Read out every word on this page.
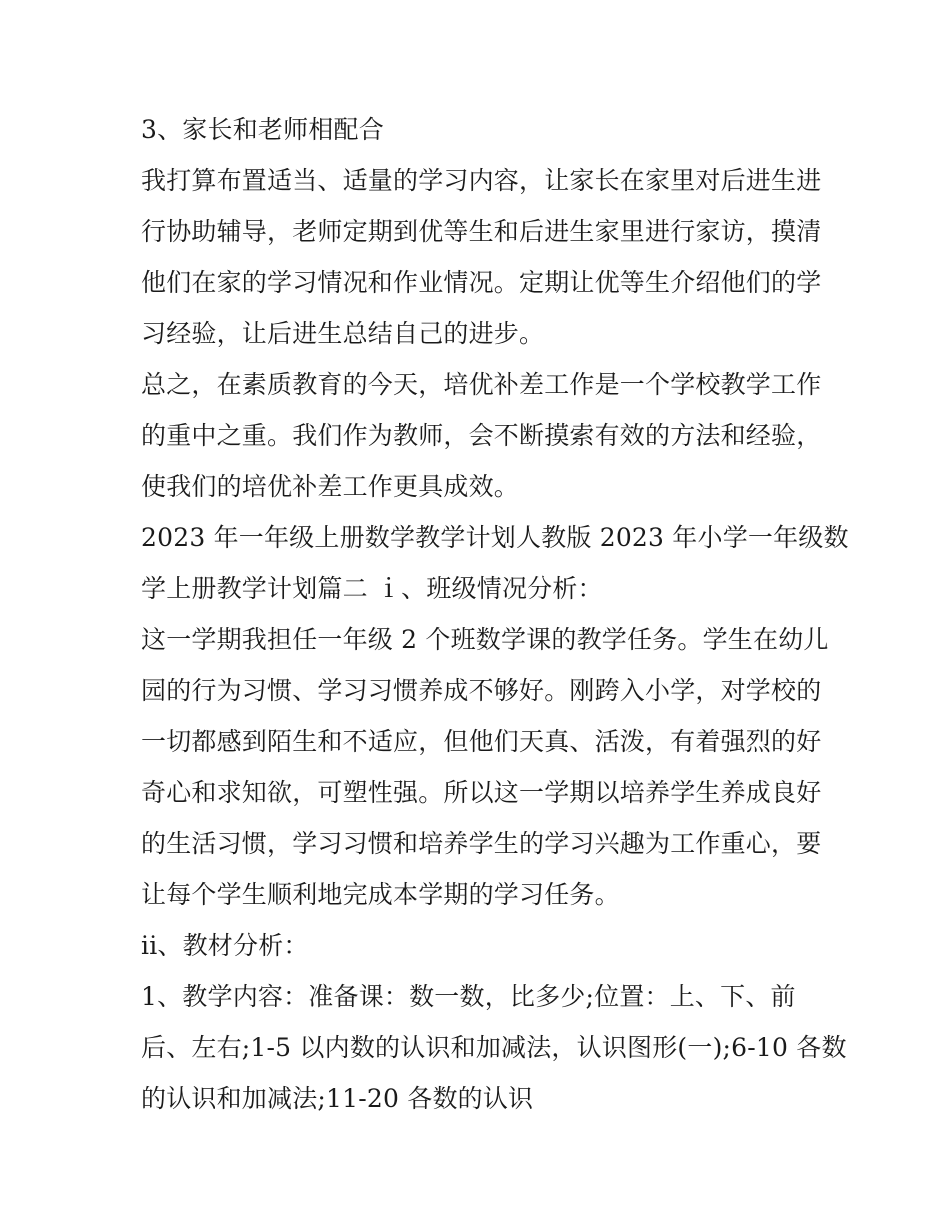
3、家长和老师相配合

我打算布置适当、适量的学习内容，让家长在家里对后进生进
行协助辅导，老师定期到优等生和后进生家里进行家访，摸清
他们在家的学习情况和作业情况。定期让优等生介绍他们的学
习经验，让后进生总结自己的进步。

总之，在素质教育的今天，培优补差工作是一个学校教学工作
的重中之重。我们作为教师，会不断摸索有效的方法和经验，
使我们的培优补差工作更具成效。

2023 年一年级上册数学教学计划人教版 2023 年小学一年级数
学上册教学计划篇二 ｉ、班级情况分析：

这一学期我担任一年级 2 个班数学课的教学任务。学生在幼儿
园的行为习惯、学习习惯养成不够好。刚跨入小学，对学校的
一切都感到陌生和不适应，但他们天真、活泼，有着强烈的好
奇心和求知欲，可塑性强。所以这一学期以培养学生养成良好
的生活习惯，学习习惯和培养学生的学习兴趣为工作重心，要
让每个学生顺利地完成本学期的学习任务。

ii、教材分析：

1、教学内容：准备课：数一数，比多少;位置：上、下、前
后、左右;1-5 以内数的认识和加减法，认识图形(一);6-10 各数
的认识和加减法;11-20 各数的认识
